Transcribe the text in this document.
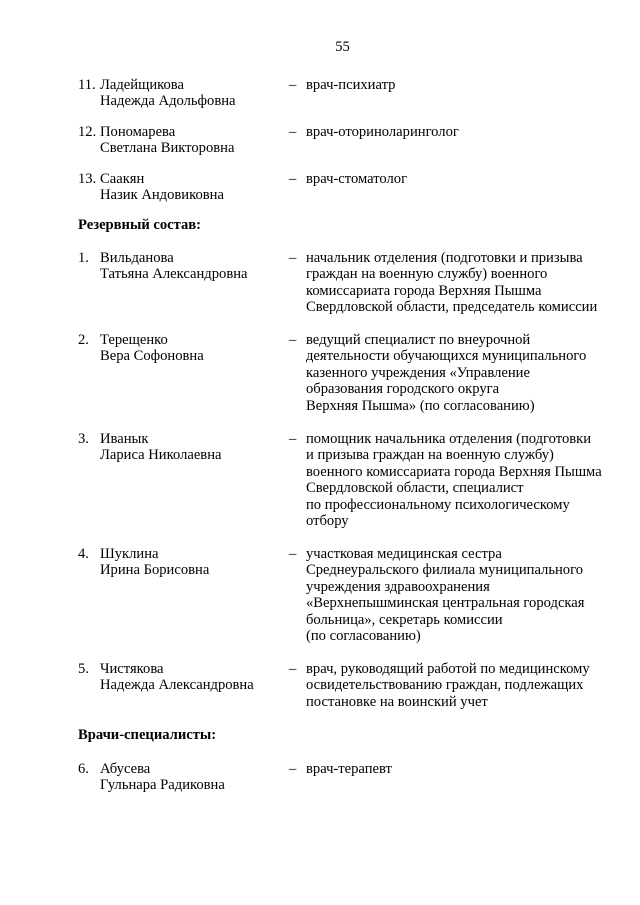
55
11. Ладейщикова
Надежда Адольфовна
– врач-психиатр
12. Пономарева
Светлана Викторовна
– врач-оториноларинголог
13. Саакян
Назик Андовиковна
– врач-стоматолог
Резервный состав:
1. Вильданова
Татьяна Александровна
– начальник отделения (подготовки и призыва
граждан на военную службу) военного
комиссариата города Верхняя Пышма
Свердловской области, председатель комиссии
2. Терещенко
Вера Софоновна
– ведущий специалист по внеурочной
деятельности обучающихся муниципального
казенного учреждения «Управление
образования городского округа
Верхняя Пышма» (по согласованию)
3. Иванык
Лариса Николаевна
– помощник начальника отделения (подготовки
и призыва граждан на военную службу)
военного комиссариата города Верхняя Пышма
Свердловской области, специалист
по профессиональному психологическому
отбору
4. Шуклина
Ирина Борисовна
– участковая медицинская сестра
Среднеуральского филиала муниципального
учреждения здравоохранения
«Верхнепышминская центральная городская
больница», секретарь комиссии
(по согласованию)
5. Чистякова
Надежда Александровна
– врач, руководящий работой по медицинскому
освидетельствованию граждан, подлежащих
постановке на воинский учет
Врачи-специалисты:
6. Абусева
Гульнара Радиковна
– врач-терапевт
